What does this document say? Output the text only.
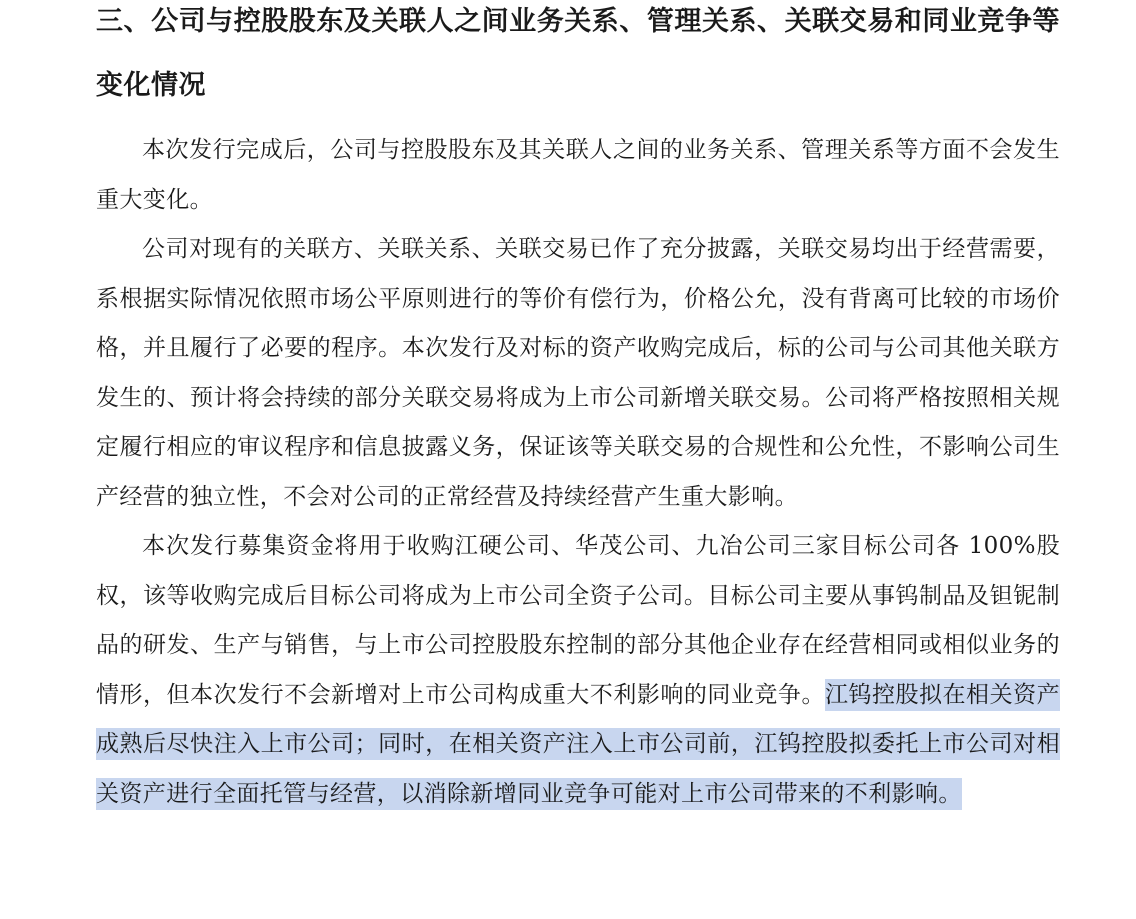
三、公司与控股股东及关联人之间业务关系、管理关系、关联交易和同业竞争等变化情况

本次发行完成后，公司与控股股东及其关联人之间的业务关系、管理关系等方面不会发生重大变化。

公司对现有的关联方、关联关系、关联交易已作了充分披露，关联交易均出于经营需要，系根据实际情况依照市场公平原则进行的等价有偿行为，价格公允，没有背离可比较的市场价格，并且履行了必要的程序。本次发行及对标的资产收购完成后，标的公司与公司其他关联方发生的、预计将会持续的部分关联交易将成为上市公司新增关联交易。公司将严格按照相关规定履行相应的审议程序和信息披露义务，保证该等关联交易的合规性和公允性，不影响公司生产经营的独立性，不会对公司的正常经营及持续经营产生重大影响。

本次发行募集资金将用于收购江硬公司、华茂公司、九冶公司三家目标公司各 100%股权，该等收购完成后目标公司将成为上市公司全资子公司。目标公司主要从事钨制品及钽铌制品的研发、生产与销售，与上市公司控股股东控制的部分其他企业存在经营相同或相似业务的情形，但本次发行不会新增对上市公司构成重大不利影响的同业竞争。江钨控股拟在相关资产成熟后尽快注入上市公司；同时，在相关资产注入上市公司前，江钨控股拟委托上市公司对相关资产进行全面托管与经营，以消除新增同业竞争可能对上市公司带来的不利影响。
